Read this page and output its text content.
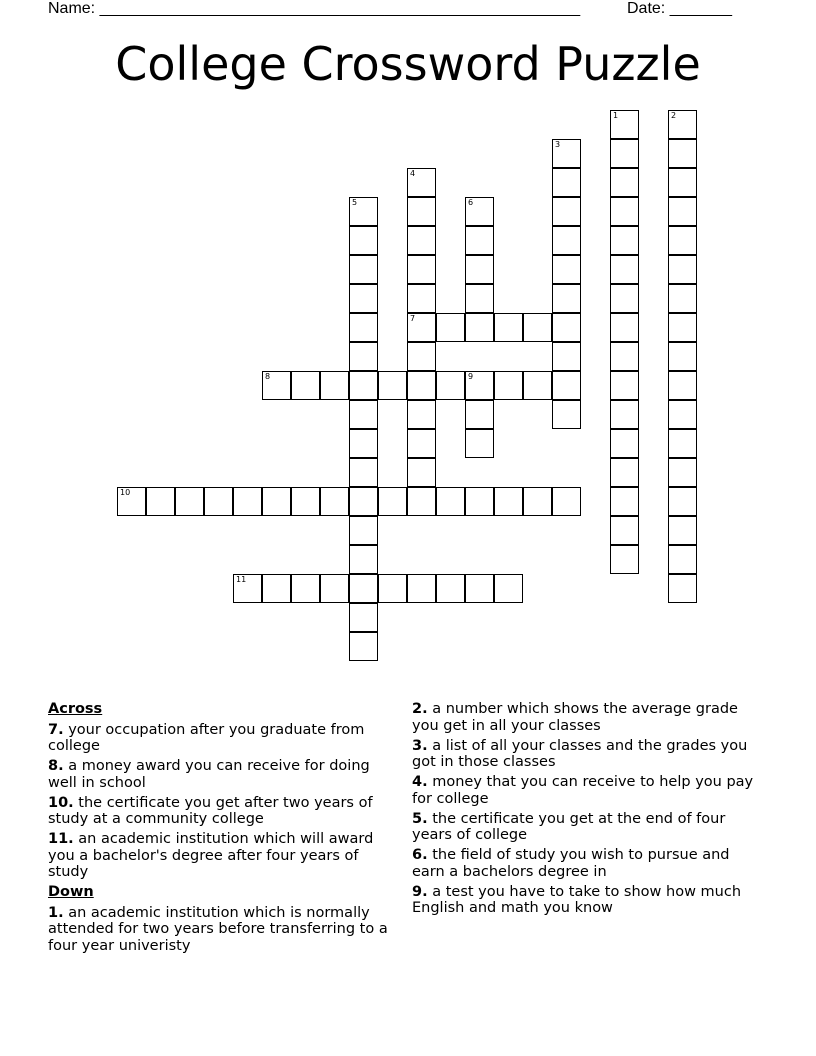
Name: ______________________________________________________

	Date: _______

College Crossword Puzzle
1	2
3
4
7
5	6
8	9
10
11
Across
7. your occupation after you graduate from college
8. a money award you can receive for doing well in school
10. the certificate you get after two years of study at a community college
11. an academic institution which will award you a bachelor's degree after four years of study
Down
1. an academic institution which is normally attended for two years before transferring to a four year univeristy
2. a number which shows the average grade you get in all your classes
3. a list of all your classes and the grades you got in those classes
4. money that you can receive to help you pay for college
5. the certificate you get at the end of four years of college
6. the field of study you wish to pursue and earn a bachelors degree in
9. a test you have to take to show how much English and math you know
